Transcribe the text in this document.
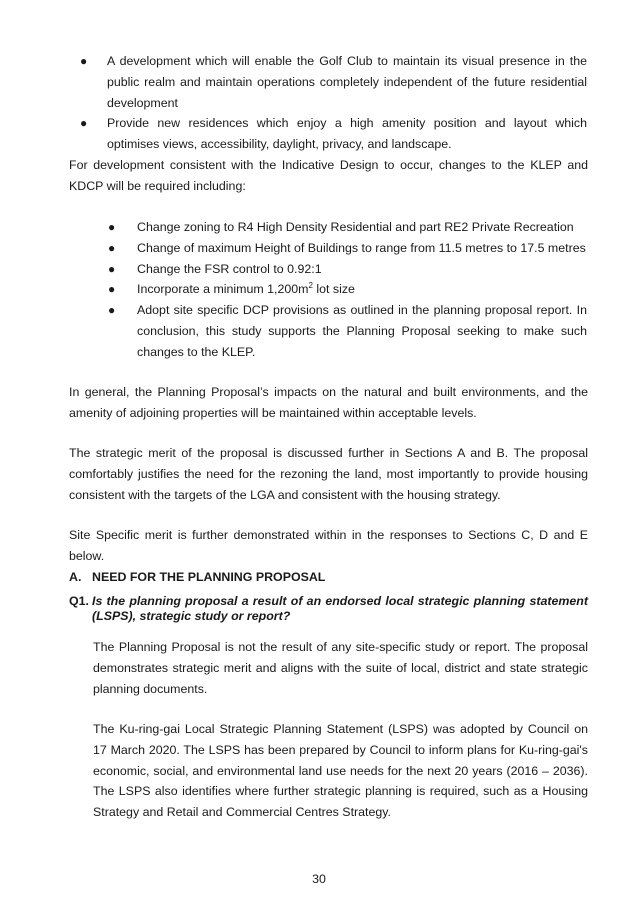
● A development which will enable the Golf Club to maintain its visual presence in the public realm and maintain operations completely independent of the future residential development
● Provide new residences which enjoy a high amenity position and layout which optimises views, accessibility, daylight, privacy, and landscape.

For development consistent with the Indicative Design to occur, changes to the KLEP and KDCP will be required including:

● Change zoning to R4 High Density Residential and part RE2 Private Recreation
● Change of maximum Height of Buildings to range from 11.5 metres to 17.5 metres
● Change the FSR control to 0.92:1
● Incorporate a minimum $1,200m^2$ lot size
● Adopt site specific DCP provisions as outlined in the planning proposal report. In conclusion, this study supports the Planning Proposal seeking to make such changes to the KLEP.

In general, the Planning Proposal’s impacts on the natural and built environments, and the amenity of adjoining properties will be maintained within acceptable levels.

The strategic merit of the proposal is discussed further in Sections A and B. The proposal comfortably justifies the need for the rezoning the land, most importantly to provide housing consistent with the targets of the LGA and consistent with the housing strategy.

Site Specific merit is further demonstrated within in the responses to Sections C, D and E below.

A. NEED FOR THE PLANNING PROPOSAL

Q1. Is the planning proposal a result of an endorsed local strategic planning statement (LSPS), strategic study or report?

The Planning Proposal is not the result of any site-specific study or report. The proposal demonstrates strategic merit and aligns with the suite of local, district and state strategic planning documents.

The Ku-ring-gai Local Strategic Planning Statement (LSPS) was adopted by Council on 17 March 2020. The LSPS has been prepared by Council to inform plans for Ku-ring-gai's economic, social, and environmental land use needs for the next 20 years (2016 – 2036). The LSPS also identifies where further strategic planning is required, such as a Housing Strategy and Retail and Commercial Centres Strategy.

30
